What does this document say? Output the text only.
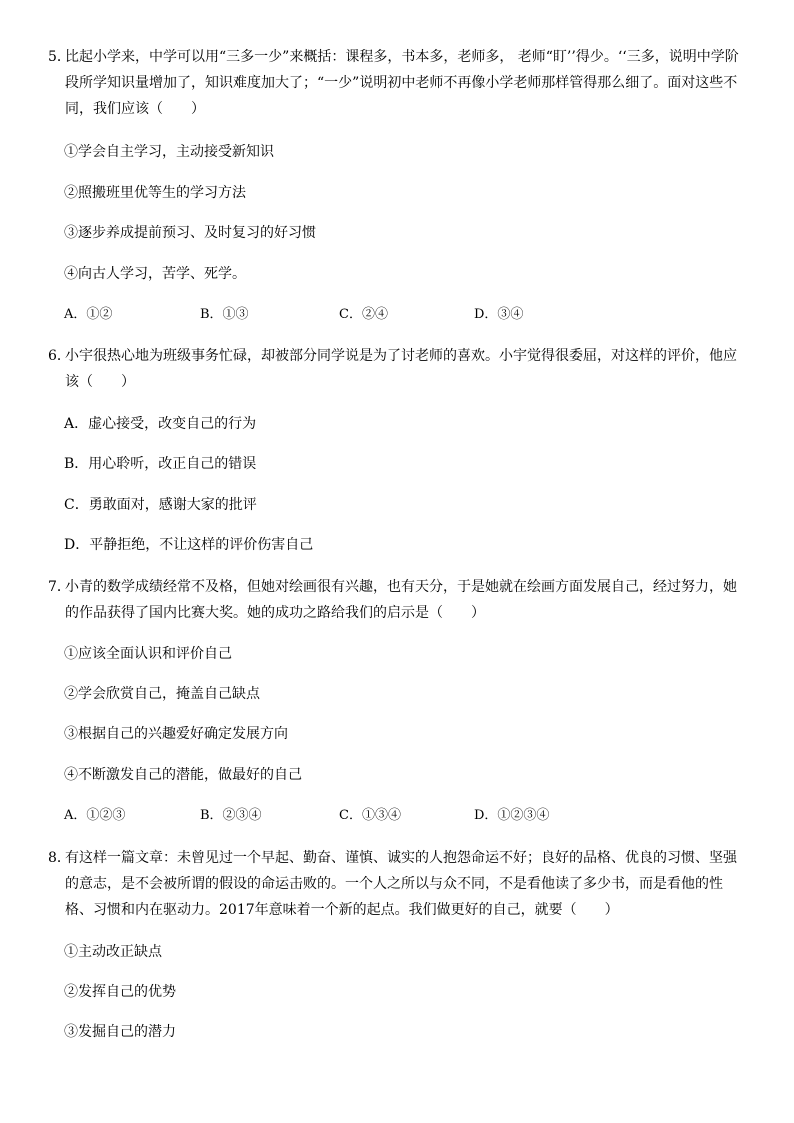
5．
比起小学来，中学可以用“三多一少”来概括：课程多，书本多，老师多， 老师“盯’’得少。‘‘三多，说明中学阶段所学知识量增加了，知识难度加大了；“一少”说明初中老师不再像小学老师那样管得那么细了。面对这些不同，我们应该（　　）

①学会自主学习，主动接受新知识

②照搬班里优等生的学习方法

③逐步养成提前预习、及时复习的好习惯

④向古人学习，苦学、死学。

A．①②	B．①③	C．②④	D．③④

6．
小宇很热心地为班级事务忙碌，却被部分同学说是为了讨老师的喜欢。小宇觉得很委屈，对这样的评价，他应该（　　）

A．虚心接受，改变自己的行为

B．用心聆听，改正自己的错误

C．勇敢面对，感谢大家的批评

D．平静拒绝，不让这样的评价伤害自己

7．
小青的数学成绩经常不及格，但她对绘画很有兴趣，也有天分，于是她就在绘画方面发展自己，经过努力，她的作品获得了国内比赛大奖。她的成功之路给我们的启示是（　　）

①应该全面认识和评价自己

②学会欣赏自己，掩盖自己缺点

③根据自己的兴趣爱好确定发展方向

④不断激发自己的潜能，做最好的自己

A．①②③	B．②③④	C．①③④	D．①②③④

8．
有这样一篇文章：未曾见过一个早起、勤奋、谨慎、诚实的人抱怨命运不好；良好的品格、优良的习惯、坚强的意志，是不会被所谓的假设的命运击败的。一个人之所以与众不同，不是看他读了多少书，而是看他的性格、习惯和内在驱动力。2017年意味着一个新的起点。我们做更好的自己，就要（　　）

①主动改正缺点

②发挥自己的优势

③发掘自己的潜力
